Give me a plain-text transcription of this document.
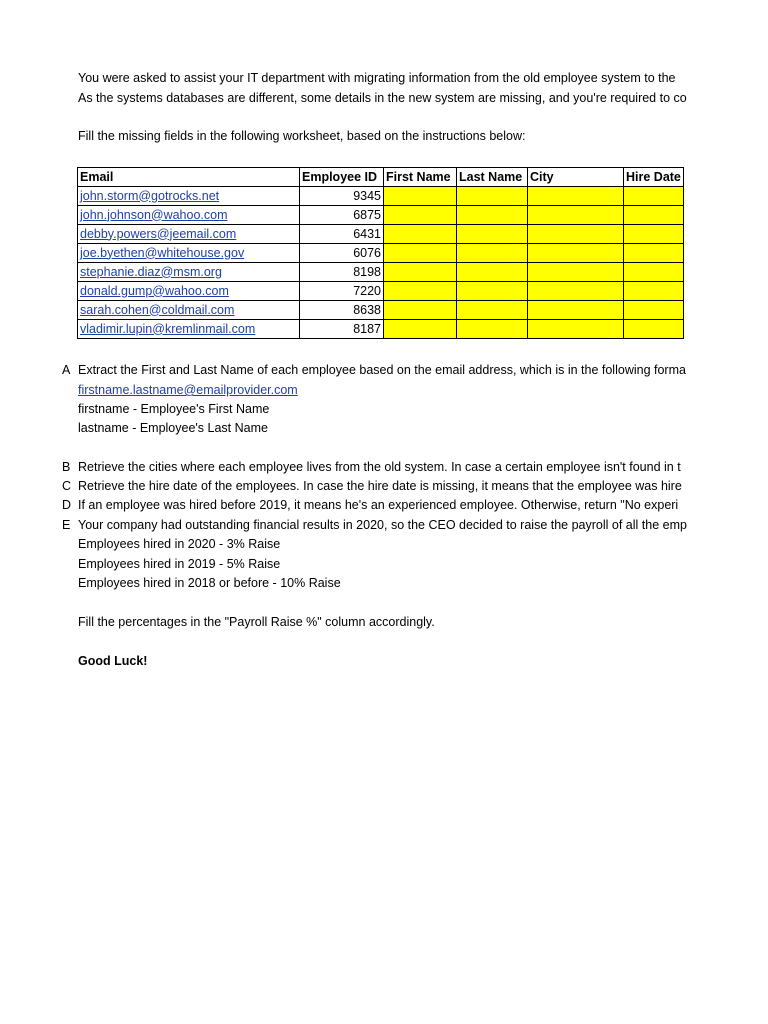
You were asked to assist your IT department with migrating information from the old employee system to the
As the systems databases are different, some details in the new system are missing, and you're required to co
Fill the missing fields in the following worksheet, based on the instructions below:
Email	Employee ID	First Name	Last Name	City	Hire Date
john.storm@gotrocks.net	9345				
john.johnson@wahoo.com	6875				
debby.powers@jeemail.com	6431				
joe.byethen@whitehouse.gov	6076				
stephanie.diaz@msm.org	8198				
donald.gump@wahoo.com	7220				
sarah.cohen@coldmail.com	8638				
vladimir.lupin@kremlinmail.com	8187				
A Extract the First and Last Name of each employee based on the email address, which is in the following forma
firstname.lastname@emailprovider.com
firstname - Employee's First Name
lastname - Employee's Last Name
B Retrieve the cities where each employee lives from the old system. In case a certain employee isn't found in t
C Retrieve the hire date of the employees. In case the hire date is missing, it means that the employee was hire
D If an employee was hired before 2019, it means he's an experienced employee. Otherwise, return "No experi
E Your company had outstanding financial results in 2020, so the CEO decided to raise the payroll of all the emp
Employees hired in 2020 - 3% Raise
Employees hired in 2019 - 5% Raise
Employees hired in 2018 or before - 10% Raise
Fill the percentages in the "Payroll Raise %" column accordingly.
Good Luck!
